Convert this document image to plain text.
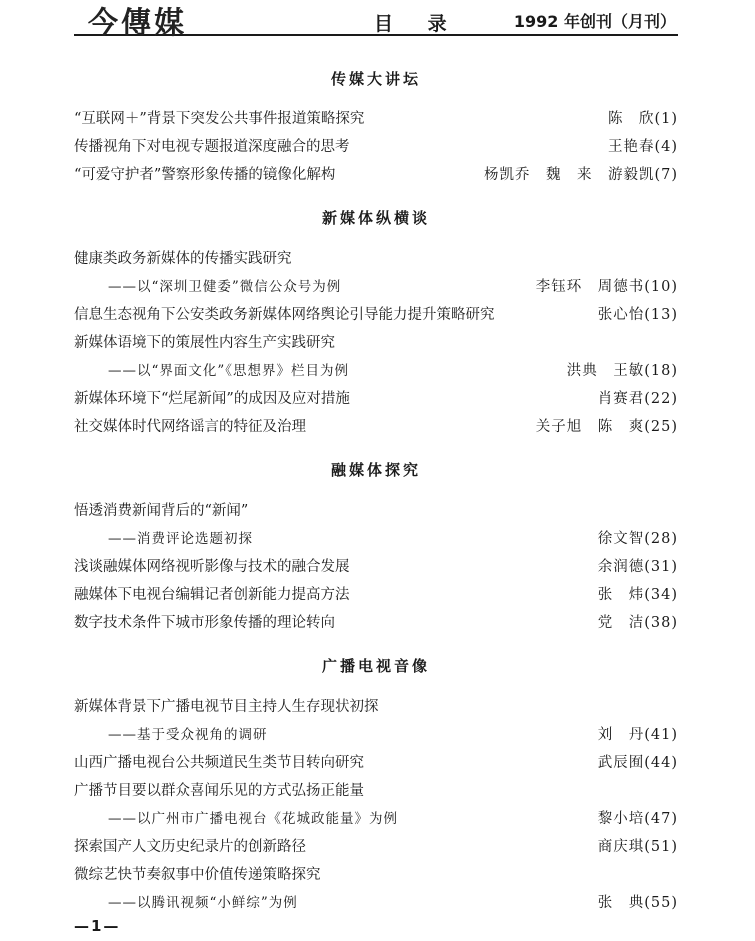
今傳媒	目 录	1992 年创刊（月刊）
传媒大讲坛
“互联网＋”背景下突发公共事件报道策略探究	陈　欣(1)
传播视角下对电视专题报道深度融合的思考	王艳春(4)
“可爱守护者”警察形象传播的镜像化解构	杨凯乔　魏　来　游毅凯(7)
新媒体纵横谈
健康类政务新媒体的传播实践研究
——以“深圳卫健委”微信公众号为例	李钰环　周德书(10)
信息生态视角下公安类政务新媒体网络舆论引导能力提升策略研究	张心怡(13)
新媒体语境下的策展性内容生产实践研究
——以“界面文化”《思想界》栏目为例	洪典　王敏(18)
新媒体环境下“烂尾新闻”的成因及应对措施	肖赛君(22)
社交媒体时代网络谣言的特征及治理	关子旭　陈　爽(25)
融媒体探究
悟透消费新闻背后的“新闻”
——消费评论选题初探	徐文智(28)
浅谈融媒体网络视听影像与技术的融合发展	余润德(31)
融媒体下电视台编辑记者创新能力提高方法	张　炜(34)
数字技术条件下城市形象传播的理论转向	党　洁(38)
广播电视音像
新媒体背景下广播电视节目主持人生存现状初探
——基于受众视角的调研	刘　丹(41)
山西广播电视台公共频道民生类节目转向研究	武辰囿(44)
广播节目要以群众喜闻乐见的方式弘扬正能量
——以广州市广播电视台《花城政能量》为例	黎小培(47)
探索国产人文历史纪录片的创新路径	商庆琪(51)
微综艺快节奏叙事中价值传递策略探究
——以腾讯视频“小鲜综”为例	张　典(55)
—1—
